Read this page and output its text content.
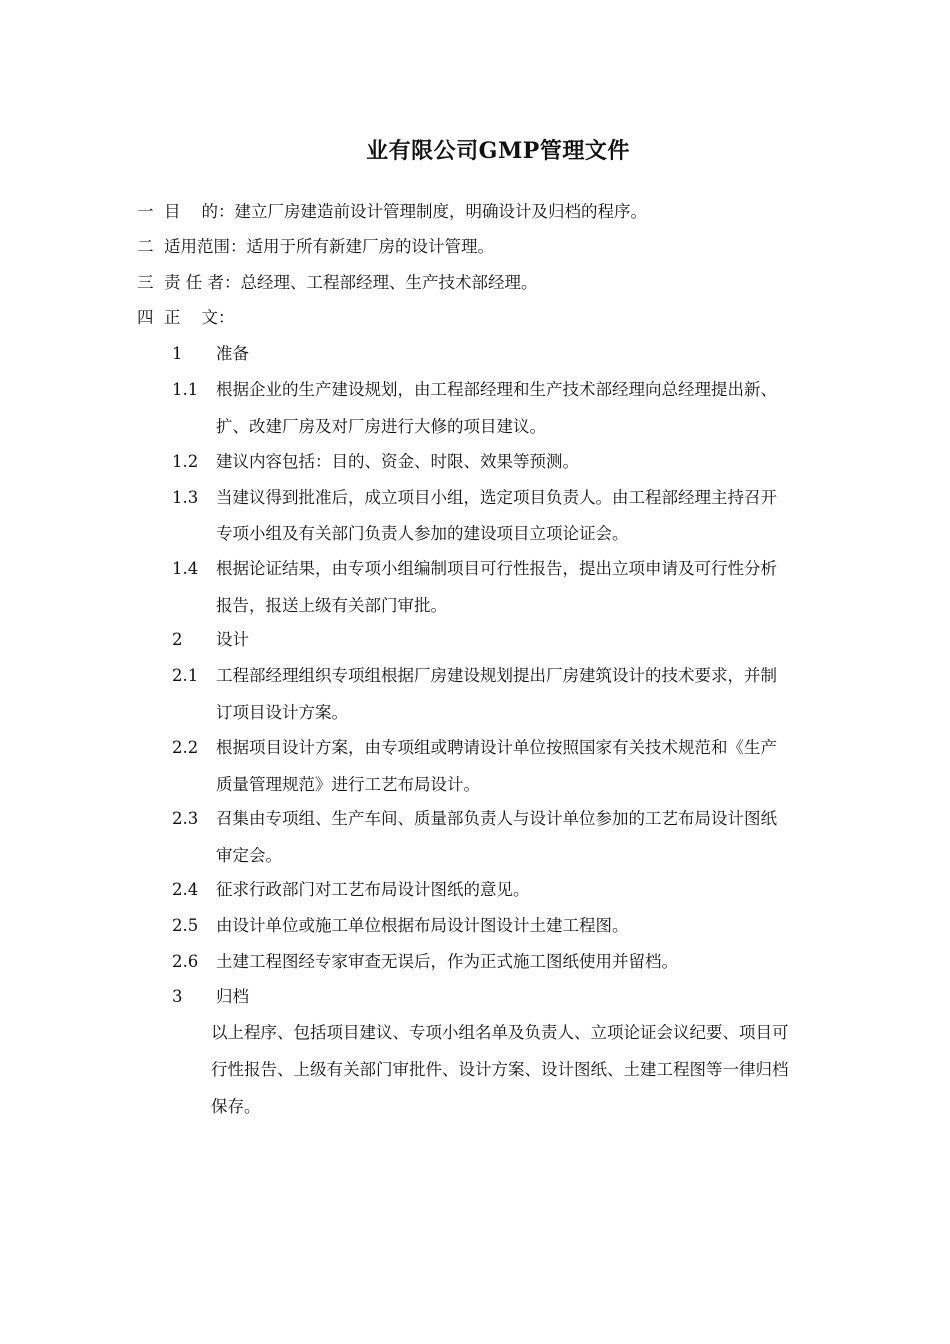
业有限公司GMP管理文件
一  目    的：建立厂房建造前设计管理制度，明确设计及归档的程序。
二  适用范围：适用于所有新建厂房的设计管理。
三  责 任 者：总经理、工程部经理、生产技术部经理。
四  正    文：
1 准备
1.1 根据企业的生产建设规划，由工程部经理和生产技术部经理向总经理提出新、
扩、改建厂房及对厂房进行大修的项目建议。
1.2 建议内容包括：目的、资金、时限、效果等预测。
1.3 当建议得到批准后，成立项目小组，选定项目负责人。由工程部经理主持召开
专项小组及有关部门负责人参加的建设项目立项论证会。
1.4 根据论证结果，由专项小组编制项目可行性报告，提出立项申请及可行性分析
报告，报送上级有关部门审批。
2 设计
2.1 工程部经理组织专项组根据厂房建设规划提出厂房建筑设计的技术要求，并制
订项目设计方案。
2.2 根据项目设计方案，由专项组或聘请设计单位按照国家有关技术规范和《生产
质量管理规范》进行工艺布局设计。
2.3 召集由专项组、生产车间、质量部负责人与设计单位参加的工艺布局设计图纸
审定会。
2.4 征求行政部门对工艺布局设计图纸的意见。
2.5 由设计单位或施工单位根据布局设计图设计土建工程图。
2.6 土建工程图经专家审查无误后，作为正式施工图纸使用并留档。
3 归档
以上程序、包括项目建议、专项小组名单及负责人、立项论证会议纪要、项目可
行性报告、上级有关部门审批件、设计方案、设计图纸、土建工程图等一律归档
保存。
